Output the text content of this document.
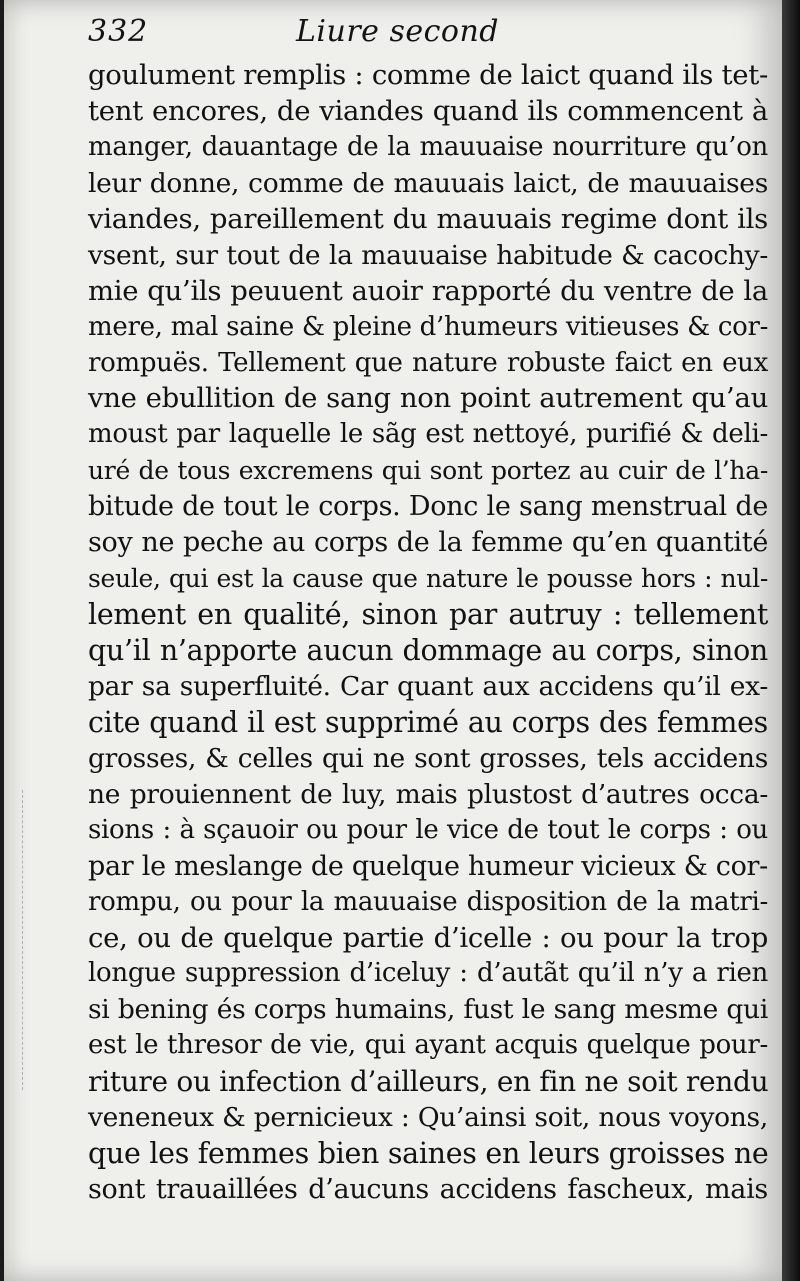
332	Liure second
goulument remplis : comme de laict quand ils tet-
tent encores, de viandes quand ils commencent à
manger, dauantage de la mauuaise nourriture qu’on
leur donne, comme de mauuais laict, de mauuaises
viandes, pareillement du mauuais regime dont ils
vsent, sur tout de la mauuaise habitude & cacochy-
mie qu’ils peuuent auoir rapporté du ventre de la
mere, mal saine & pleine d’humeurs vitieuses & cor-
rompuës. Tellement que nature robuste faict en eux
vne ebullition de sang non point autrement qu’au
moust par laquelle le sãg est nettoyé, purifié & deli-
uré de tous excremens qui sont portez au cuir de l’ha-
bitude de tout le corps. Donc le sang menstrual de
soy ne peche au corps de la femme qu’en quantité
seule, qui est la cause que nature le pousse hors : nul-
lement en qualité, sinon par autruy : tellement
qu’il n’apporte aucun dommage au corps, sinon
par sa superfluité. Car quant aux accidens qu’il ex-
cite quand il est supprimé au corps des femmes
grosses, & celles qui ne sont grosses, tels accidens
ne prouiennent de luy, mais plustost d’autres occa-
sions : à sçauoir ou pour le vice de tout le corps : ou
par le meslange de quelque humeur vicieux & cor-
rompu, ou pour la mauuaise disposition de la matri-
ce, ou de quelque partie d’icelle : ou pour la trop
longue suppression d’iceluy : d’autãt qu’il n’y a rien
si bening és corps humains, fust le sang mesme qui
est le thresor de vie, qui ayant acquis quelque pour-
riture ou infection d’ailleurs, en fin ne soit rendu
veneneux & pernicieux : Qu’ainsi soit, nous voyons,
que les femmes bien saines en leurs groisses ne
sont trauaillées d’aucuns accidens fascheux, mais
